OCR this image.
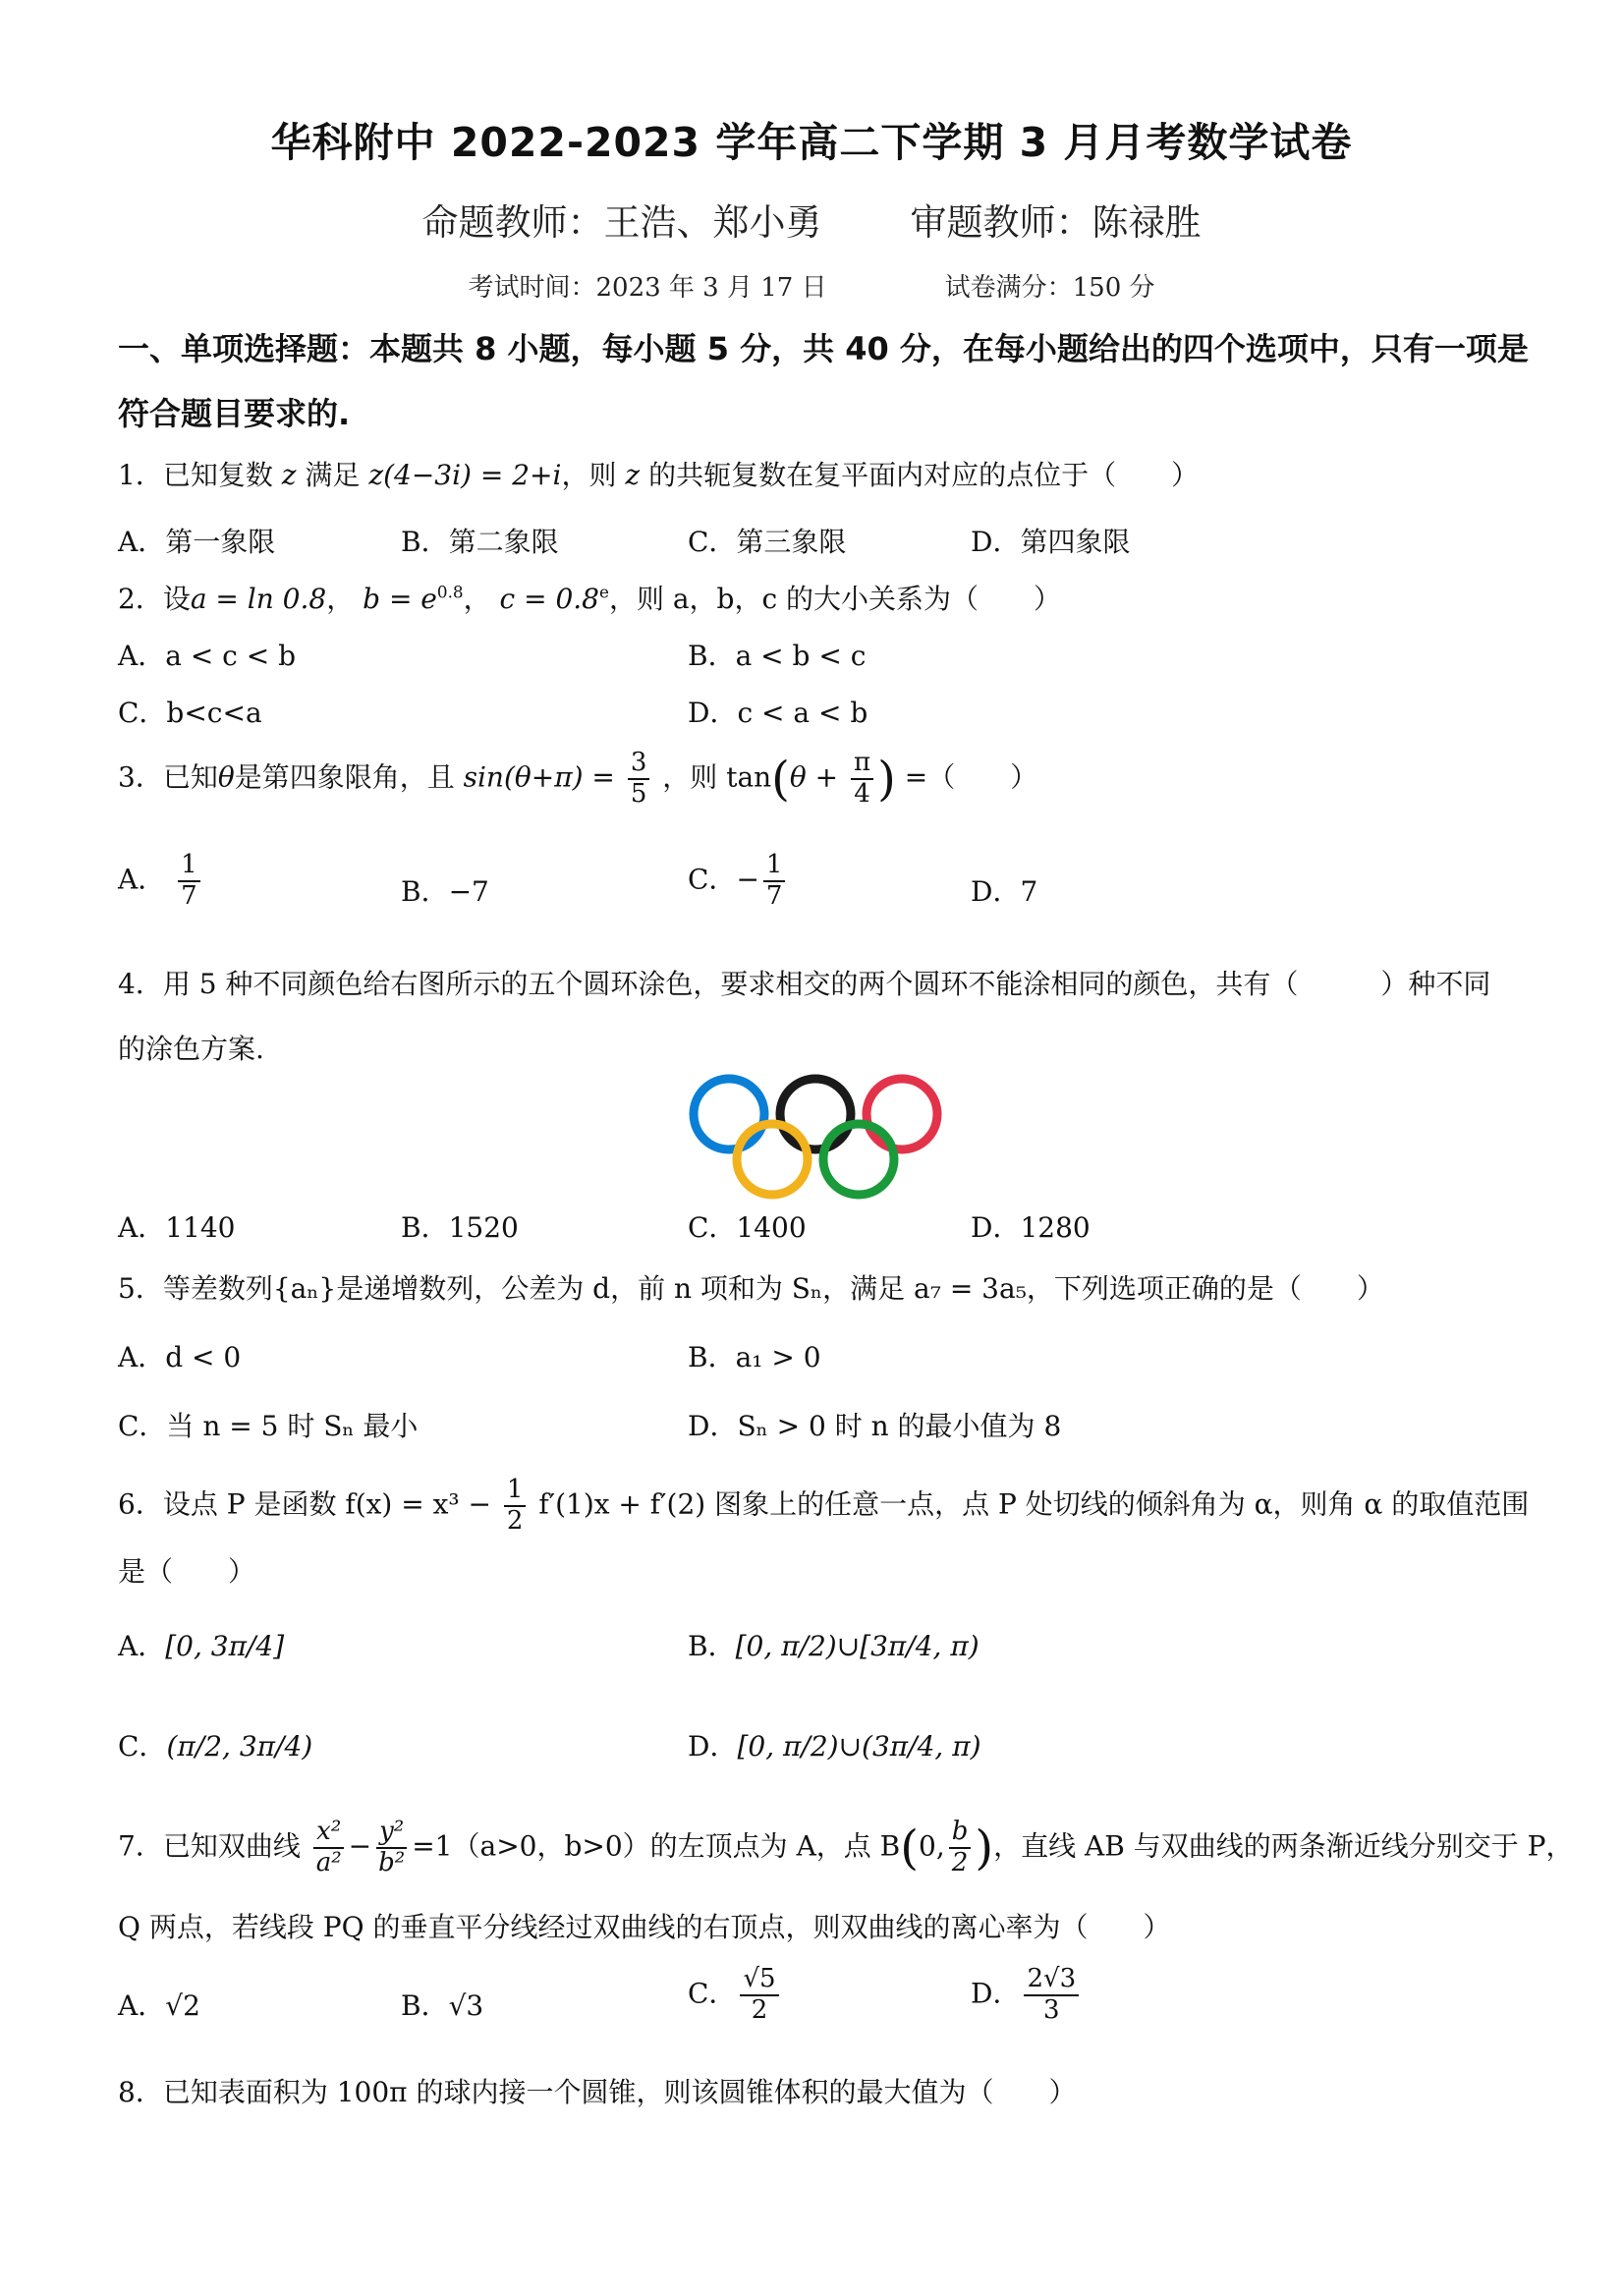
华科附中 2022-2023 学年高二下学期 3 月月考数学试卷
命题教师：王浩、郑小勇 审题教师：陈禄胜
考试时间：2023 年 3 月 17 日	试卷满分：150 分
一、单项选择题：本题共 8 小题，每小题 5 分，共 40 分，在每小题给出的四个选项中，只有一项是符合题目要求的.
1．已知复数 z 满足 z(4−3i) = 2+i，则 z 的共轭复数在复平面内对应的点位于（　　）
A．第一象限	B．第二象限	C．第三象限	D．第四象限
2．设a = ln 0.8， $b = e^{0.8}$， c = 0.8$^e$，则 a，b，c 的大小关系为（　　）
A．a < c < b	B．a < b < c
C．b<c<a	D．c < a < b
3．已知θ是第四象限角，且 $\sin(\theta+\pi) = \frac{3}{5}$ ，则 $\tan(\theta + \frac{\pi}{4}$ ) =（　　）
A． $\frac{1}{7}$	B．−7	C．− $\frac{1}{7}$	D．7
4．用 5 种不同颜色给右图所示的五个圆环涂色，要求相交的两个圆环不能涂相同的颜色，共有（　　　）种不同
的涂色方案.
A．1140	B．1520	C．1400	D．1280
5．等差数列{aₙ}是递增数列，公差为 d，前 n 项和为 Sₙ，满足 a₇ = 3a₅，下列选项正确的是（　　）
A．d < 0	B．a₁ > 0
C．当 n = 5 时 Sₙ 最小	D．Sₙ > 0 时 n 的最小值为 8
6．设点 P 是函数 $f(x) = x^3 - \frac{1}{2} f'(1)x + f'(2)$ 图象上的任意一点，点 P 处切线的倾斜角为 α，则角 α 的取值范围
是（　　）
A．[0, 3π/4]	B．[0, π/2)∪[3π/4, π)
C．(π/2, 3π/4)	D．[0, π/2)∪(3π/4, π)
7．已知双曲线 $\frac{\text{x²}}{\text{a²}} - \frac{\text{y²}}{\text{b²}} =1(a>0$，b>0）的左顶点为 A，点 B(0, $\frac{b}{2}$ )，直线 AB 与双曲线的两条渐近线分别交于 P，
Q 两点，若线段 PQ 的垂直平分线经过双曲线的右顶点，则双曲线的离心率为（　　）
A．√2	B．√3	C． $\frac{√5}{2}$	D． $\frac{2√3}{3}$
8．已知表面积为 100π 的球内接一个圆锥，则该圆锥体积的最大值为（　　）
